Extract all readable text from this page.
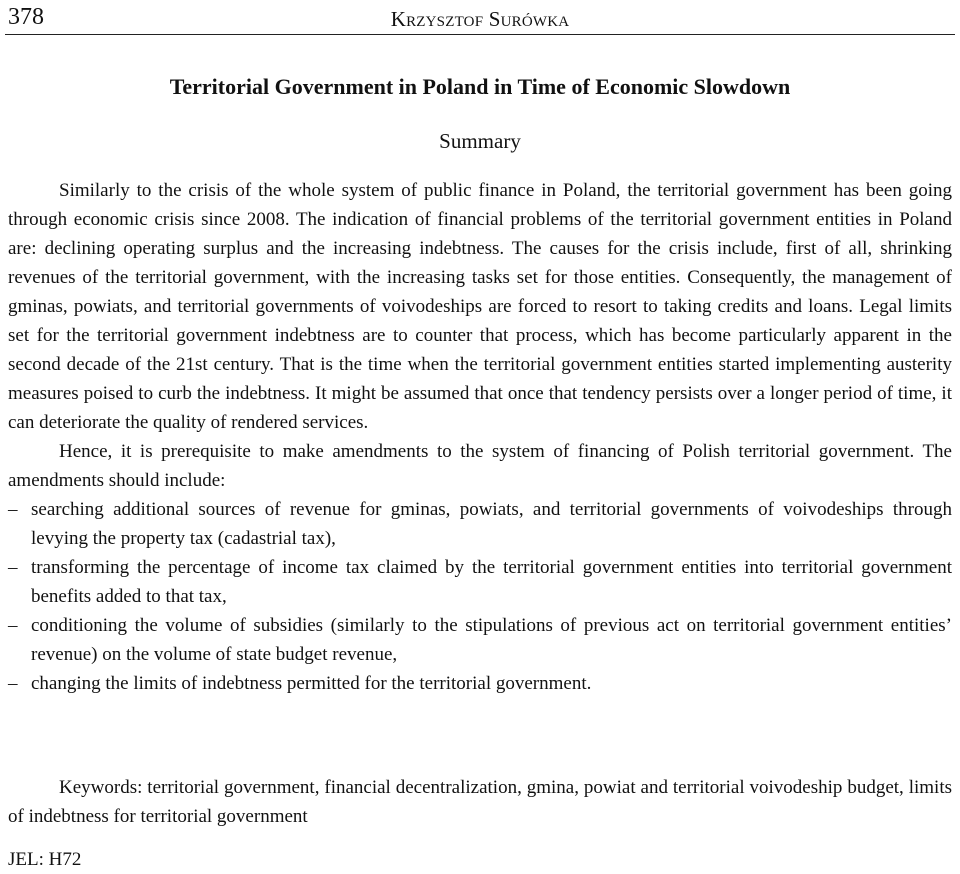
378	Krzysztof Surówka
Territorial Government in Poland in Time of Economic Slowdown
Summary

Similarly to the crisis of the whole system of public finance in Poland, the territorial government has been going through economic crisis since 2008. The indication of financial problems of the territorial government entities in Poland are: declining operating surplus and the increasing indebtness. The causes for the crisis include, first of all, shrinking revenues of the territorial government, with the increasing tasks set for those entities. Consequently, the management of gminas, powiats, and territorial governments of voivodeships are forced to resort to taking credits and loans. Legal limits set for the territorial government indebtness are to counter that process, which has become particularly apparent in the second decade of the 21st century. That is the time when the territorial government entities started implementing austerity measures poised to curb the indebtness. It might be assumed that once that tendency persists over a longer period of time, it can deteriorate the quality of rendered services.

Hence, it is prerequisite to make amendments to the system of financing of Polish territorial government. The amendments should include:

– searching additional sources of revenue for gminas, powiats, and territorial governments of voivodeships through levying the property tax (cadastrial tax),
– transforming the percentage of income tax claimed by the territorial government entities into territorial government benefits added to that tax,
– conditioning the volume of subsidies (similarly to the stipulations of previous act on territorial government entities’ revenue) on the volume of state budget revenue,
– changing the limits of indebtness permitted for the territorial government.

Keywords: territorial government, financial decentralization, gmina, powiat and territorial voivodeship budget, limits of indebtness for territorial government

JEL: H72
